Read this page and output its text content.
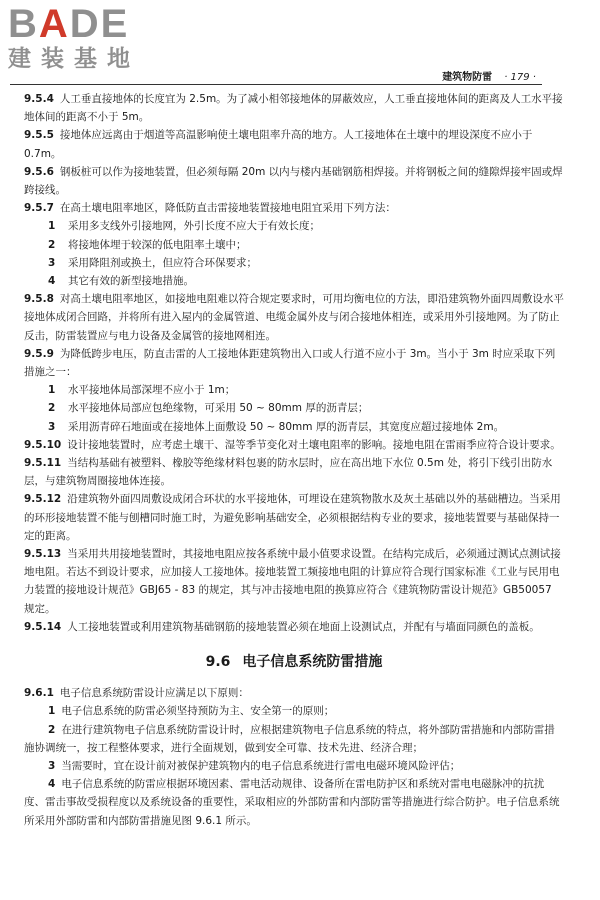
BADE
建装基地
建筑物防雷 · 179 ·

9.5.4 人工垂直接地体的长度宜为 2.5m。为了减小相邻接地体的屏蔽效应，人工垂直接地体间的距离及人工水平接地体间的距离不小于 5m。

9.5.5 接地体应远离由于烟道等高温影响使土壤电阻率升高的地方。人工接地体在土壤中的埋设深度不应小于 0.7m。

9.5.6 钢板桩可以作为接地装置，但必须每隔 20m 以内与楼内基础钢筋相焊接。并将钢板之间的缝隙焊接牢固或焊跨接线。

9.5.7 在高土壤电阻率地区，降低防直击雷接地装置接地电阻宜采用下列方法：

1 采用多支线外引接地网，外引长度不应大于有效长度；

2 将接地体埋于较深的低电阻率土壤中；

3 采用降阻剂或换土，但应符合环保要求；

4 其它有效的新型接地措施。

9.5.8 对高土壤电阻率地区，如接地电阻难以符合规定要求时，可用均衡电位的方法，即沿建筑物外面四周敷设水平接地体成闭合回路，并将所有进入屋内的金属管道、电缆金属外皮与闭合接地体相连，或采用外引接地网。为了防止反击，防雷装置应与电力设备及金属管的接地网相连。

9.5.9 为降低跨步电压，防直击雷的人工接地体距建筑物出入口或人行道不应小于 3m。当小于 3m 时应采取下列措施之一：

1 水平接地体局部深埋不应小于 1m；

2 水平接地体局部应包绝缘物，可采用 50 ~ 80mm 厚的沥青层；

3 采用沥青碎石地面或在接地体上面敷设 50 ~ 80mm 厚的沥青层，其宽度应超过接地体 2m。

9.5.10 设计接地装置时，应考虑土壤干、湿等季节变化对土壤电阻率的影响。接地电阻在雷雨季应符合设计要求。

9.5.11 当结构基础有被塑料、橡胶等绝缘材料包裹的防水层时，应在高出地下水位 0.5m 处，将引下线引出防水层，与建筑物周圈接地体连接。

9.5.12 沿建筑物外面四周敷设成闭合环状的水平接地体，可埋设在建筑物散水及灰土基础以外的基础槽边。当采用的环形接地装置不能与刨槽同时施工时，为避免影响基础安全，必须根据结构专业的要求，接地装置要与基础保持一定的距离。

9.5.13 当采用共用接地装置时，其接地电阻应按各系统中最小值要求设置。在结构完成后，必须通过测试点测试接地电阻。若达不到设计要求，应加接人工接地体。接地装置工频接地电阻的计算应符合现行国家标准《工业与民用电力装置的接地设计规范》GBJ65 - 83 的规定，其与冲击接地电阻的换算应符合《建筑物防雷设计规范》GB50057 规定。

9.5.14 人工接地装置或利用建筑物基础钢筋的接地装置必须在地面上设测试点，并配有与墙面同颜色的盖板。

9.6 电子信息系统防雷措施

9.6.1 电子信息系统防雷设计应满足以下原则：

1 电子信息系统的防雷必须坚持预防为主、安全第一的原则；

2 在进行建筑物电子信息系统防雷设计时，应根据建筑物电子信息系统的特点，将外部防雷措施和内部防雷措施协调统一，按工程整体要求，进行全面规划，做到安全可靠、技术先进、经济合理；

3 当需要时，宜在设计前对被保护建筑物内的电子信息系统进行雷电电磁环境风险评估；

4 电子信息系统的防雷应根据环境因素、雷电活动规律、设备所在雷电防护区和系统对雷电电磁脉冲的抗扰度、雷击事故受损程度以及系统设备的重要性，采取相应的外部防雷和内部防雷等措施进行综合防护。电子信息系统所采用外部防雷和内部防雷措施见图 9.6.1 所示。
